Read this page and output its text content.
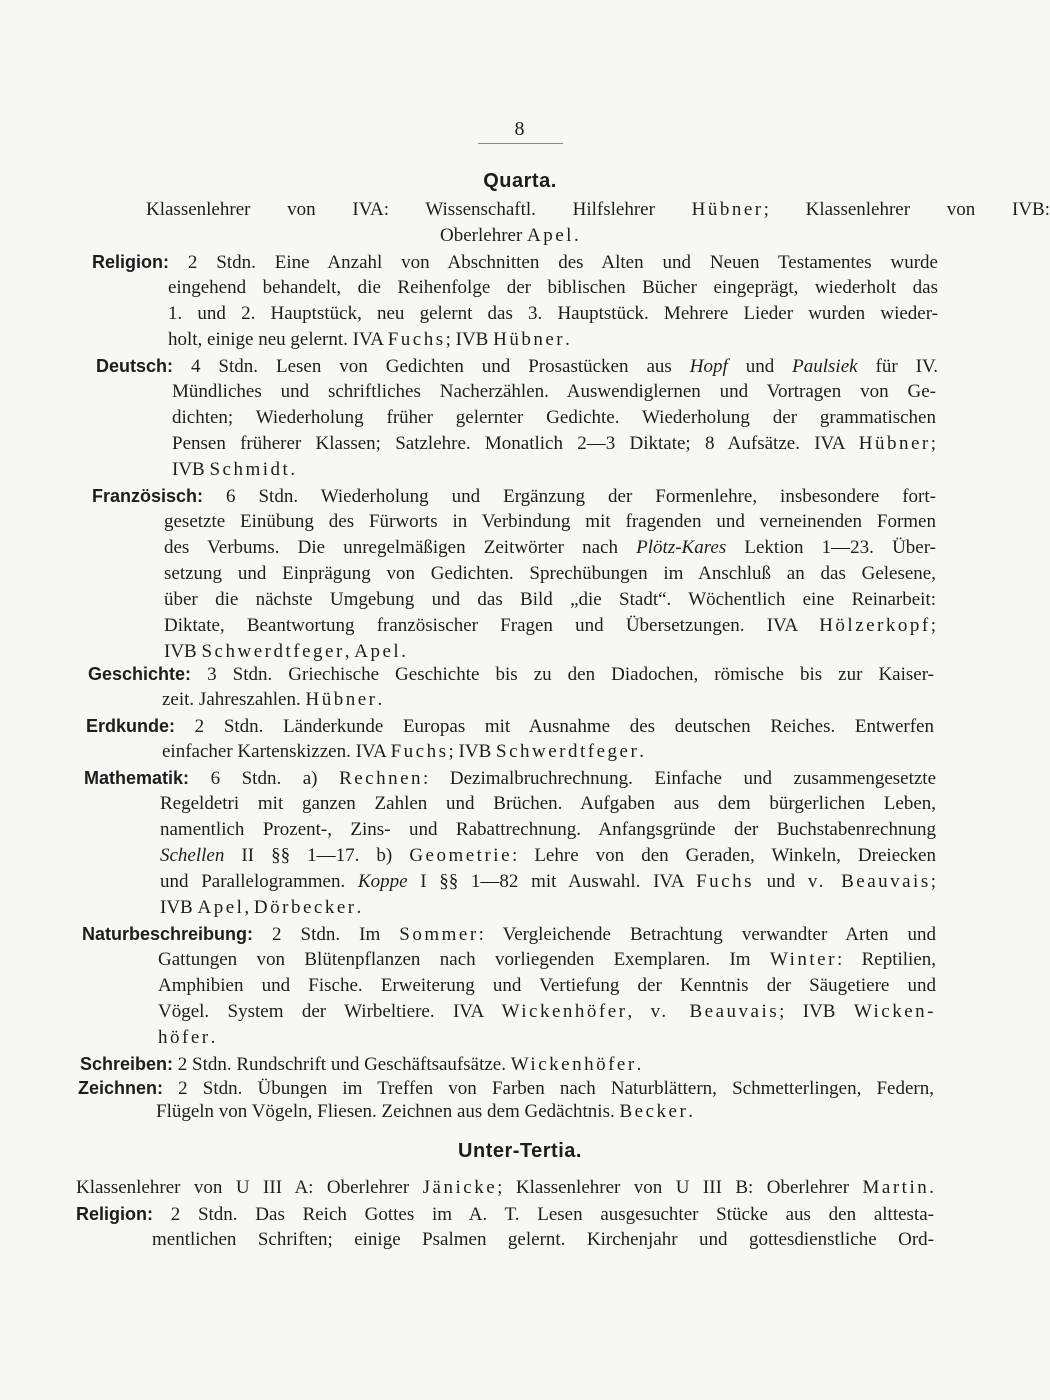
8
Quarta.
Klassenlehrer von IVA: Wissenschaftl. Hilfslehrer Hübner; Klassenlehrer von IVB:
Oberlehrer Apel.
Religion: 2 Stdn. Eine Anzahl von Abschnitten des Alten und Neuen Testamentes wurde
eingehend behandelt, die Reihenfolge der biblischen Bücher eingeprägt, wiederholt das
1. und 2. Hauptstück, neu gelernt das 3. Hauptstück. Mehrere Lieder wurden wieder-
holt, einige neu gelernt. IVA Fuchs; IVB Hübner.
Deutsch: 4 Stdn. Lesen von Gedichten und Prosastücken aus Hopf und Paulsiek für IV.
Mündliches und schriftliches Nacherzählen. Auswendiglernen und Vortragen von Ge-
dichten; Wiederholung früher gelernter Gedichte. Wiederholung der grammatischen
Pensen früherer Klassen; Satzlehre. Monatlich 2—3 Diktate; 8 Aufsätze. IVA Hübner;
IVB Schmidt.
Französisch: 6 Stdn. Wiederholung und Ergänzung der Formenlehre, insbesondere fort-
gesetzte Einübung des Fürworts in Verbindung mit fragenden und verneinenden Formen
des Verbums. Die unregelmäßigen Zeitwörter nach Plötz-Kares Lektion 1—23. Über-
setzung und Einprägung von Gedichten. Sprechübungen im Anschluß an das Gelesene,
über die nächste Umgebung und das Bild „die Stadt“. Wöchentlich eine Reinarbeit:
Diktate, Beantwortung französischer Fragen und Übersetzungen. IVA Hölzerkopf;
IVB Schwerdtfeger, Apel.
Geschichte: 3 Stdn. Griechische Geschichte bis zu den Diadochen, römische bis zur Kaiser-
zeit. Jahreszahlen. Hübner.
Erdkunde: 2 Stdn. Länderkunde Europas mit Ausnahme des deutschen Reiches. Entwerfen
einfacher Kartenskizzen. IVA Fuchs; IVB Schwerdtfeger.
Mathematik: 6 Stdn. a) Rechnen: Dezimalbruchrechnung. Einfache und zusammengesetzte
Regeldetri mit ganzen Zahlen und Brüchen. Aufgaben aus dem bürgerlichen Leben,
namentlich Prozent-, Zins- und Rabattrechnung. Anfangsgründe der Buchstabenrechnung
Schellen II §§ 1—17. b) Geometrie: Lehre von den Geraden, Winkeln, Dreiecken
und Parallelogrammen. Koppe I §§ 1—82 mit Auswahl. IVA Fuchs und v. Beauvais;
IVB Apel, Dörbecker.
Naturbeschreibung: 2 Stdn. Im Sommer: Vergleichende Betrachtung verwandter Arten und
Gattungen von Blütenpflanzen nach vorliegenden Exemplaren. Im Winter: Reptilien,
Amphibien und Fische. Erweiterung und Vertiefung der Kenntnis der Säugetiere und
Vögel. System der Wirbeltiere. IVA Wickenhöfer, v. Beauvais; IVB Wicken-
höfer.
Schreiben: 2 Stdn. Rundschrift und Geschäftsaufsätze. Wickenhöfer.
Zeichnen: 2 Stdn. Übungen im Treffen von Farben nach Naturblättern, Schmetterlingen, Federn,
Flügeln von Vögeln, Fliesen. Zeichnen aus dem Gedächtnis. Becker.
Unter-Tertia.
Klassenlehrer von U III A: Oberlehrer Jänicke; Klassenlehrer von U III B: Oberlehrer Martin.
Religion: 2 Stdn. Das Reich Gottes im A. T. Lesen ausgesuchter Stücke aus den alttesta-
mentlichen Schriften; einige Psalmen gelernt. Kirchenjahr und gottesdienstliche Ord-
